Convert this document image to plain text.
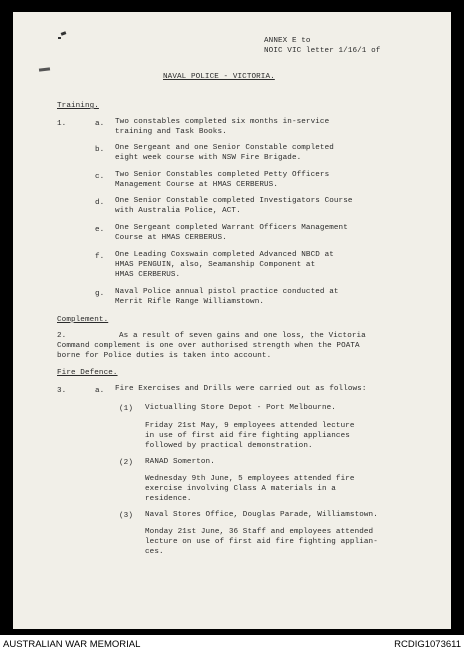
ANNEX E to
NOIC VIC letter 1/16/1 of
NAVAL POLICE - VICTORIA.
Training.
1.	a. Two constables completed six months in-service
training and Task Books.
b. One Sergeant and one Senior Constable completed
eight week course with NSW Fire Brigade.
c. Two Senior Constables completed Petty Officers
Management Course at HMAS CERBERUS.
d. One Senior Constable completed Investigators Course
with Australia Police, ACT.
e. One Sergeant completed Warrant Officers Management
Course at HMAS CERBERUS.
f. One Leading Coxswain completed Advanced NBCD at
HMAS PENGUIN, also, Seamanship Component at
HMAS CERBERUS.
g. Naval Police annual pistol practice conducted at
Merrit Rifle Range Williamstown.
Complement.
2.	As a result of seven gains and one loss, the Victoria
Command complement is one over authorised strength when the POATA
borne for Police duties is taken into account.
Fire Defence.
3.	a. Fire Exercises and Drills were carried out as follows:
(1) Victualling Store Depot - Port Melbourne.
Friday 21st May, 9 employees attended lecture
in use of first aid fire fighting appliances
followed by practical demonstration.
(2) RANAD Somerton.
Wednesday 9th June, 5 employees attended fire
exercise involving Class A materials in a
residence.
(3) Naval Stores Office, Douglas Parade, Williamstown.
Monday 21st June, 36 Staff and employees attended
lecture on use of first aid fire fighting applian-
ces.
AUSTRALIAN WAR MEMORIAL	RCDIG1073611
